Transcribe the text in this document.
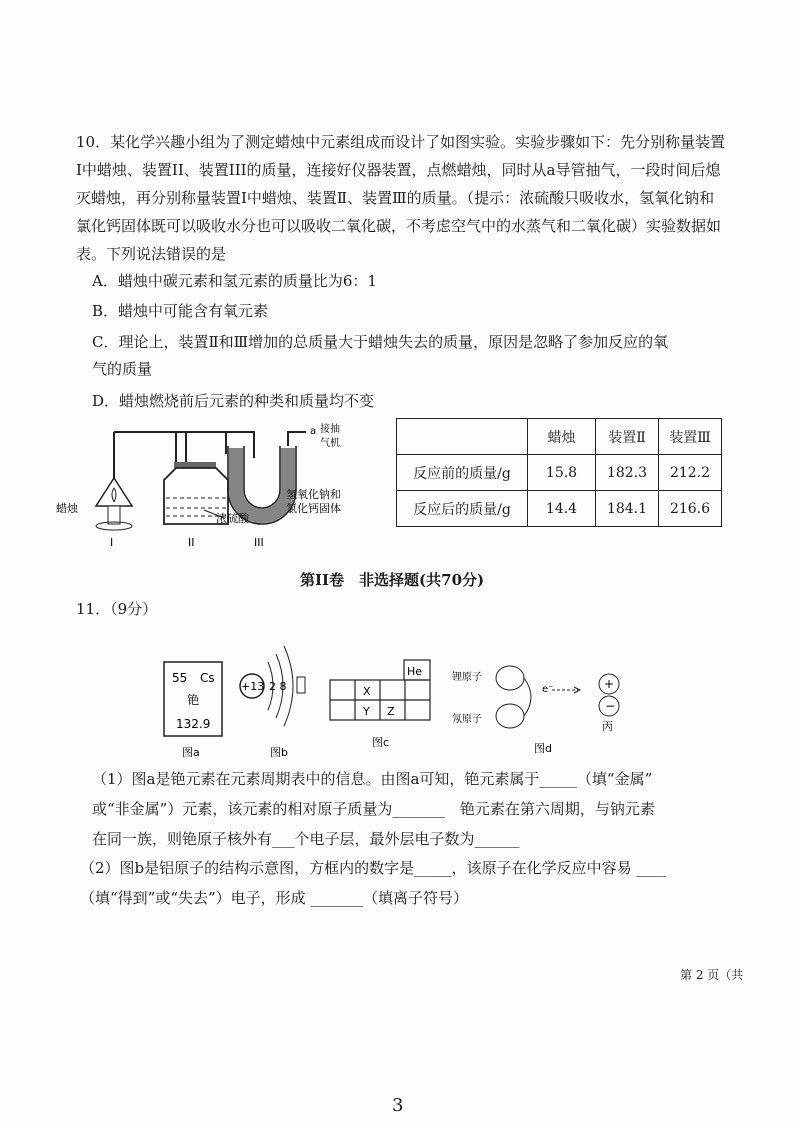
10．某化学兴趣小组为了测定蜡烛中元素组成而设计了如图实验。实验步骤如下：先分别称量装置Ⅰ中蜡烛、装置II、装置III的质量，连接好仪器装置，点燃蜡烛，同时从a导管抽气，一段时间后熄灭蜡烛，再分别称量装置Ⅰ中蜡烛、装置Ⅱ、装置Ⅲ的质量。（提示：浓硫酸只吸收水，氢氧化钠和氯化钙固体既可以吸收水分也可以吸收二氧化碳，不考虑空气中的水蒸气和二氧化碳）实验数据如表。下列说法错误的是
A．蜡烛中碳元素和氢元素的质量比为6：1
B．蜡烛中可能含有氧元素
C．理论上，装置Ⅱ和Ⅲ增加的总质量大于蜡烛失去的质量，原因是忽略了参加反应的氧
气的质量
D．蜡烛燃烧前后元素的种类和质量均不变
蜡烛
浓硫酸
氢氧化钠和
氯化钙固体
a 接抽
气机
I	II	III
	蜡烛	装置Ⅱ	装置Ⅲ
反应前的质量/g	15.8	182.3	212.2
反应后的质量/g	14.4	184.1	216.6
第II卷　非选择题(共70分)
11．（9分）
55 Cs
铯
132.9
图a
+13 2 8
图b
He
X
Y Z
图c
锂原子
氖原子
e⁻	+
−
丙
图d
（1）图a是铯元素在元素周期表中的信息。由图a可知，铯元素属于_____（填“金属”
或“非金属”）元素，该元素的相对原子质量为_______　铯元素在第六周期，与钠元素
在同一族，则铯原子核外有___个电子层，最外层电子数为______
（2）图b是铝原子的结构示意图，方框内的数字是_____，该原子在化学反应中容易 ____
（填“得到”或“失去”）电子，形成 _______（填离子符号）
第 2 页（共
3
